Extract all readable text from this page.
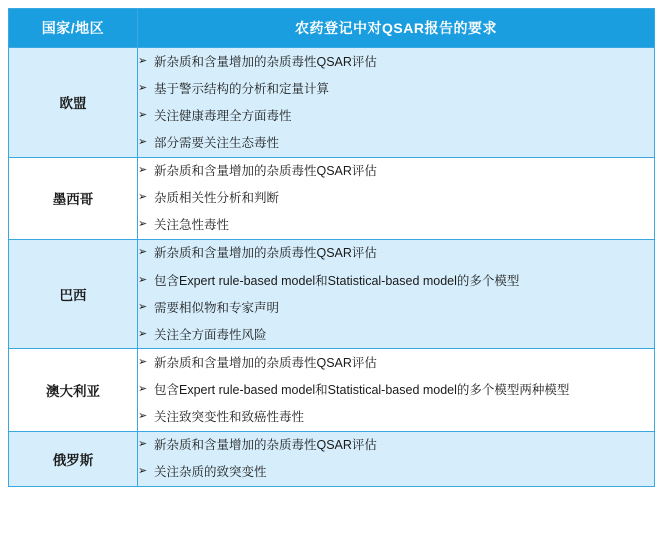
国家/地区	农药登记中对QSAR报告的要求
欧盟	
➢ 新杂质和含量增加的杂质毒性QSAR评估
➢ 基于警示结构的分析和定量计算
➢ 关注健康毒理全方面毒性
➢ 部分需要关注生态毒性

墨西哥	
➢ 新杂质和含量增加的杂质毒性QSAR评估
➢ 杂质相关性分析和判断
➢ 关注急性毒性

巴西	
➢ 新杂质和含量增加的杂质毒性QSAR评估
➢ 包含Expert rule-based model和Statistical-based model的多个模型
➢ 需要相似物和专家声明
➢ 关注全方面毒性风险

澳大利亚	
➢ 新杂质和含量增加的杂质毒性QSAR评估
➢ 包含Expert rule-based model和Statistical-based model的多个模型两种模型
➢ 关注致突变性和致癌性毒性

俄罗斯	
➢ 新杂质和含量增加的杂质毒性QSAR评估
➢ 关注杂质的致突变性
